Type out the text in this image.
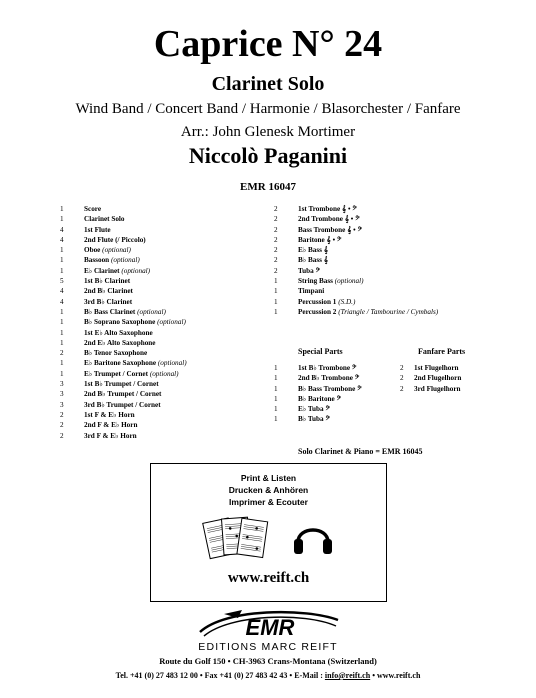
Caprice N° 24
Clarinet Solo
Wind Band / Concert Band / Harmonie / Blasorchester / Fanfare
Arr.: John Glenesk Mortimer
Niccolò Paganini
EMR 16047
1	Score
1	Clarinet Solo
4	1st Flute
4	2nd Flute (/ Piccolo)
1	Oboe (optional)
1	Bassoon (optional)
1	E♭ Clarinet (optional)
5	1st B♭ Clarinet
4	2nd B♭ Clarinet
4	3rd B♭ Clarinet
1	B♭ Bass Clarinet (optional)
1	B♭ Soprano Saxophone (optional)
1	1st E♭ Alto Saxophone
1	2nd E♭ Alto Saxophone
2	B♭ Tenor Saxophone
1	E♭ Baritone Saxophone (optional)
1	E♭ Trumpet / Cornet (optional)
3	1st B♭ Trumpet / Cornet
3	2nd B♭ Trumpet / Cornet
3	3rd B♭ Trumpet / Cornet
2	1st F & E♭ Horn
2	2nd F & E♭ Horn
2	3rd F & E♭ Horn
2	1st Trombone 𝄞 • 𝄢
2	2nd Trombone 𝄞 • 𝄢
2	Bass Trombone 𝄞 • 𝄢
2	Baritone 𝄞 • 𝄢
2	E♭ Bass 𝄞
2	B♭ Bass 𝄞
2	Tuba 𝄢
1	String Bass (optional)
1	Timpani
1	Percussion 1 (S.D.)
1	Percussion 2 (Triangle / Tambourine / Cymbals)
Special Parts	Fanfare Parts
1	1st B♭ Trombone 𝄢
1	2nd B♭ Trombone 𝄢
1	B♭ Bass Trombone 𝄢
1	B♭ Baritone 𝄢
1	E♭ Tuba 𝄢
1	B♭ Tuba 𝄢
2	1st Flugelhorn
2	2nd Flugelhorn
2	3rd Flugelhorn
Solo Clarinet & Piano = EMR 16045
Print & Listen
Drucken & Anhören
Imprimer & Ecouter
www.reift.ch
EMR
EDITIONS MARC REIFT
Route du Golf 150 • CH-3963 Crans-Montana (Switzerland)
Tel. +41 (0) 27 483 12 00 • Fax +41 (0) 27 483 42 43 • E-Mail : info@reift.ch • www.reift.ch
